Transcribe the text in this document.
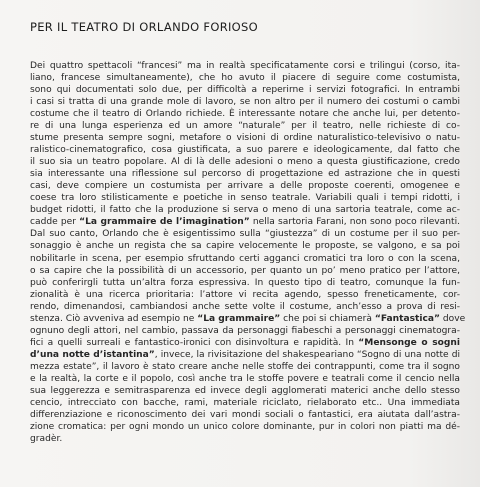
PER IL TEATRO DI ORLANDO FORIOSO
Dei quattro spettacoli “francesi” ma in realtà specificatamente corsi e trilingui (corso, ita-
liano, francese simultaneamente), che ho avuto il piacere di seguire come costumista,
sono qui documentati solo due, per difficoltà a reperirne i servizi fotografici. In entrambi
i casi si tratta di una grande mole di lavoro, se non altro per il numero dei costumi o cambi
costume che il teatro di Orlando richiede. È interessante notare che anche lui, per detento-
re di una lunga esperienza ed un amore “naturale” per il teatro, nelle richieste di co-
stume presenta sempre sogni, metafore o visioni di ordine naturalistico-televisivo o natu-
ralistico-cinematografico, cosa giustificata, a suo parere e ideologicamente, dal fatto che
il suo sia un teatro popolare. Al di là delle adesioni o meno a questa giustificazione, credo
sia interessante una riflessione sul percorso di progettazione ed astrazione che in questi
casi, deve compiere un costumista per arrivare a delle proposte coerenti, omogenee e
coese tra loro stilisticamente e poetiche in senso teatrale. Variabili quali i tempi ridotti, i
budget ridotti, il fatto che la produzione si serva o meno di una sartoria teatrale, come ac-
cadde per “La grammaire de l’imagination” nella sartoria Farani, non sono poco rilevanti.
Dal suo canto, Orlando che è esigentissimo sulla “giustezza” di un costume per il suo per-
sonaggio è anche un regista che sa capire velocemente le proposte, se valgono, e sa poi
nobilitarle in scena, per esempio sfruttando certi agganci cromatici tra loro o con la scena,
o sa capire che la possibilità di un accessorio, per quanto un po’ meno pratico per l’attore,
può conferirgli tutta un’altra forza espressiva. In questo tipo di teatro, comunque la fun-
zionalità è una ricerca prioritaria: l’attore vi recita agendo, spesso freneticamente, cor-
rendo, dimenandosi, cambiandosi anche sette volte il costume, anch’esso a prova di resi-
stenza. Ciò avveniva ad esempio ne “La grammaire” che poi si chiamerà “Fantastica” dove
ognuno degli attori, nel cambio, passava da personaggi fiabeschi a personaggi cinematogra-
fici a quelli surreali e fantastico-ironici con disinvoltura e rapidità. In “Mensonge o sogni
d’una notte d’istantina”, invece, la rivisitazione del shakespeariano “Sogno di una notte di
mezza estate”, il lavoro è stato creare anche nelle stoffe dei contrappunti, come tra il sogno
e la realtà, la corte e il popolo, così anche tra le stoffe povere e teatrali come il cencio nella
sua leggerezza e semitrasparenza ed invece degli agglomerati materici anche dello stesso
cencio, intrecciato con bacche, rami, materiale riciclato, rielaborato etc.. Una immediata
differenziazione e riconoscimento dei vari mondi sociali o fantastici, era aiutata dall’astra-
zione cromatica: per ogni mondo un unico colore dominante, pur in colori non piatti ma dé-
gradèr.
